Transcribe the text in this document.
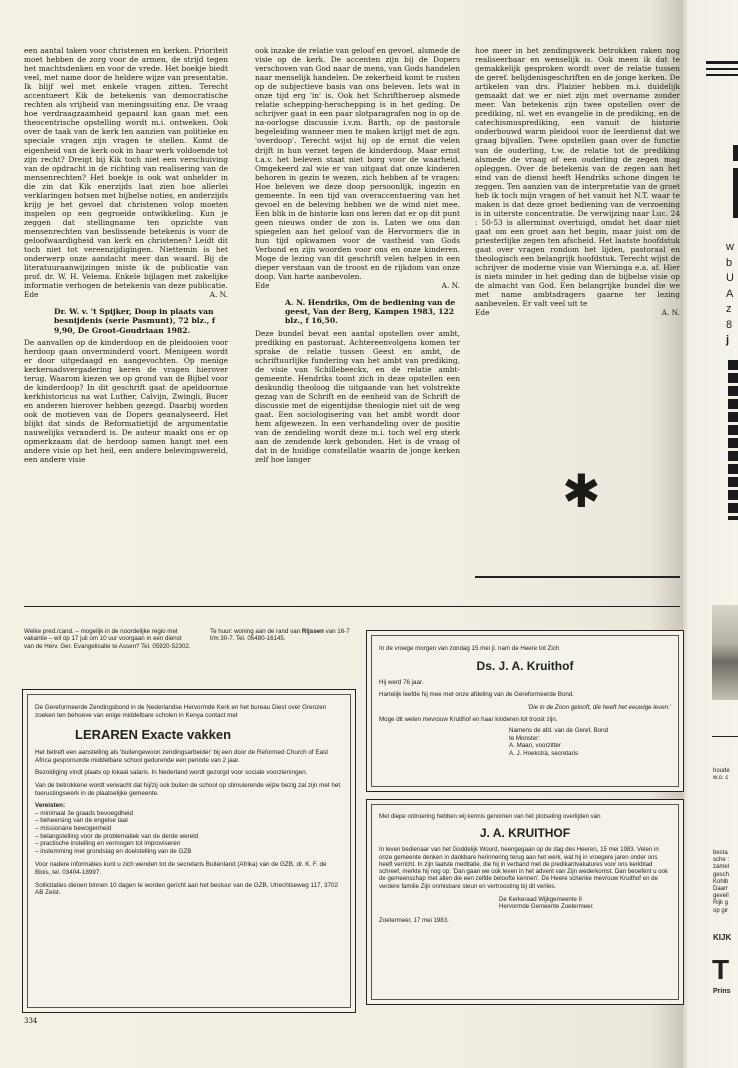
een aantal taken voor christenen en kerken. Prioriteit moet hebben de zorg voor de armen, de strijd tegen het machtsdenken en voor de vrede. Het boekje biedt veel, met name door de heldere wijze van presentatie. Ik blijf wel met enkele vragen zitten. Terecht accentueert Kik de betekenis van democratische rechten als vrijheid van meningsuiting enz. De vraag hoe verdraagzaamheid gepaard kan gaan met een theocentrische opstelling wordt m.i. ontweken. Ook over de taak van de kerk ten aanzien van politieke en speciale vragen zijn vragen te stellen. Komt de eigenheid van de kerk ook in haar werk voldoende tot zijn recht? Dreigt bij Kik toch niet een verschuiving van de opdracht in de richting van realisering van de mensenrechten? Het boekje is ook wat onhelder in die zin dat Kik enerzijds laat zien hoe allerlei verklaringen botsen met bijbelse noties, en anderzijds krijg je het gevoel dat christenen volop moeten inspelen op een gegroeide ontwikkeling. Kun je zeggen dat stellingname ten opzichte van mensenrechten van beslissende betekenis is voor de geloofwaardigheid van kerk en christenen? Leidt dit toch niet tot vereenzijdigingen. Niettemin is het onderwerp onze aandacht meer dan waard. Bij de literatuuraanwijzingen miste ik de publicatie van prof. dr. W. H. Velema. Enkele bijlagen met zakelijke informatie verhogen de betekenis van deze publicatie.

Ede	A. N.
Dr. W. v. 't Spijker, Doop in plaats van besnijdenis (serie Pasmunt), 72 blz., f 9,90, De Groot-Goudriaan 1982.

De aanvallen op de kinderdoop en de pleidooien voor herdoop gaan onverminderd voort. Menigeen wordt er door uitgedaagd en aangevochten. Op menige kerkeraadsvergadering keren de vragen hierover terug. Waarom kiezen we op grond van de Bijbel voor de kinderdoop? In dit geschrift gaat de apeldoornse kerkhistoricus na wat Luther, Calvijn, Zwingli, Bucer en anderen hierover hebben gezegd. Daarbij worden ook de motieven van de Dopers geanalyseerd. Het blijkt dat sinds de Reformatietijd de argumentatie nauwelijks veranderd is. De auteur maakt ons er op opmerkzaam dat de herdoop samen hangt met een andere visie op het heil, een andere belevingswereld, een andere visie

ook inzake de relatie van geloof en gevoel, alsmede de visie op de kerk. De accenten zijn bij de Dopers verschoven van God naar de mens, van Gods handelen naar menselijk handelen. De zekerheid komt te rusten op de subjectieve basis van ons beleven. Iets wat in onze tijd erg 'in' is. Ook het Schriftberoep alsmede relatie schepping-herschepping is in het geding. De schrijver gaat in een paar slotparagrafen nog in op de na-oorlogse discussie i.v.m. Barth, op de pastorale begeleiding wanneer men te maken krijgt met de zgn. 'overdoop'. Terecht wijst hij op de ernst die velen drijft in hun verzet tegen de kinderdoop. Maar ernst t.a.v. het beleven staat niet borg voor de waarheid. Omgekeerd zal wie er van uitgaat dat onze kinderen behoren in gezin te wezen, zich hebben af te vragen: Hoe beleven we deze doop persoonlijk, ingezin en gemeente. In een tijd van overaccentuering van het gevoel en de beleving hebben we de wind niet mee. Een blik in de historie kan ons leren dat er op dit punt geen nieuws onder de zon is. Laten we ons dan spiegelen aan het geloof van de Hervormers die in hun tijd opkwamen voor de vastheid van Gods Verbond en zijn woorden voor ons en onze kinderen. Moge de lezing van dit geschrift velen helpen in een dieper verstaan van de troost en de rijkdom van onze doop. Van harte aanbevolen.

Ede	A. N.
A. N. Hendriks, Om de bediening van de geest, Van der Berg, Kampen 1983, 122 blz., f 16,50.

Deze bundel bevat een aantal opstellen over ambt, prediking en pastoraat. Achtereenvolgens komen ter sprake de relatie tussen Geest en ambt, de schriftuurlijke fundering van het ambt van prediking, de visie van Schillebeeckx, en de relatie ambt-gemeente. Hendriks toont zich in deze opstellen een deskundig theoloog die uitgaande van het volstrekte gezag van de Schrift en de eenheid van de Schrift de discussie met de eigentijdse theologie niet uit de weg gaat. Een sociologisering van het ambt wordt door hem afgewezen. In een verhandeling over de positie van de zendeling wordt deze m.i. toch wel erg sterk aan de zendende kerk gebonden. Het is de vraag of dat in de huidige constellatie waarin de jonge kerken zelf hoe langer

hoe meer in het zendingswerk betrokken raken nog realiseerbaar en wenselijk is. Ook meen ik dat te gemakkelijk gesproken wordt over de relatie tussen de geref. belijdenisgeschriften en de jonge kerken. De artikelen van drs. Plaizier hebben m.i. duidelijk gemaakt dat we er niet zijn met overname zonder meer. Van betekenis zijn twee opstellen over de prediking, nl. wet en evangelie in de prediking, en de catechismusprediking, een vanuit de historie onderbouwd warm pleidooi voor de leerdienst dat we graag bijvallen. Twee opstellen gaan over de functie van de ouderling, t.w. de relatie tot de prediking alsmede de vraag of een ouderling de zegen mag opleggen. Over de betekenis van de zegen aan het eind van de dienst heeft Hendriks schone dingen te zeggen. Ten aanzien van de interpretatie van de groet heb ik toch mijn vragen of het vanuit het N.T. waar te maken is dat deze groet bediening van de verzoening is in uiterste concentratie. De verwijzing naar Luc. 24 : 50-53 is allerminst overtuigd, omdat het daar niet gaat om een groet aan het begin, maar juist om de priesterlijke zegen ten afscheid. Het laatste hoofdstuk gaat over vragen rondom het lijden, pastoraal en theologisch een belangrijk hoofdstuk. Terecht wijst de schrijver de moderne visie van Wiersinga e.a. af. Hier is niets minder in het geding dan de bijbelse visie op de almacht van God. Een belangrijke bundel die we met name ambtsdragers gaarne ter lezing aanbevelen. Er valt veel uit te

Ede	A. N.
✱
Welke pred./cand. – mogelijk in de noordelijke regio met vakantie – wil op 17 juli om 10 uur voorgaan in een dienst van de Herv. Ger. Evangelisatie te Assen? Tel. 05920-52302.
Te huur: woning aan de rand van Rijssen van 16-7 t/m 30-7. Tel. 05480-16145.
De Gereformeerde Zendingsbond in de Nederlandse Hervormde Kerk en het bureau Diest over Grenzen zoeken ten behoeve van enige middelbare scholen in Kenya contact met
LERAREN Exacte vakken
Het betreft een aanstelling als 'buitengewoon zendingsarbeider' bij een door de Reformed Church of East Africa gesponsorde middelbare school gedurende een periode van 2 jaar.
Bezoldiging vindt plaats op lokaal salaris. In Nederland wordt gezorgd voor sociale voorzieningen.
Van de betrokkene wordt verwacht dat hij/zij ook buiten de school op stimulerende wijze bezig zal zijn met het toerustingswerk in de plaatselijke gemeente.
Vereisten:
– minimaal 3e graads bevoegdheid
– beheersing van de engelse taal
– missionaire bewogenheid
– belangstelling voor de problematiek van de derde wereld
– practische instelling en vermogen tot improviseren
– instemming met grondslag en doelstelling van de GZB
Voor nadere informaties kunt u zich wenden tot de secretaris Buitenland (Afrika) van de GZB, dr. K. F. de Blois, tel. 03404-18997.
Sollicitaties dienen binnen 10 dagen te worden gericht aan het bestuur van de GZB, Utrechtseweg 117, 3702 AB Zeist.
In de vroege morgen van zondag 15 mei jl. nam de Heere tot Zich
Ds. J. A. Kruithof
Hij werd 76 jaar.
Hartelijk leefde hij mee met onze afdeling van de Gereformeerde Bond.
'Die in de Zoon gelooft, die heeft het eeuwige leven.'
Moge dit weten mevrouw Kruithof en haar kinderen tot troost zijn.
Namens de afd. van de Geref. Bond
te Monster:
A. Maan, voorzitter
A. J. Hoekstra, secretaris
Met diepe ontroering hebben wij kennis genomen van het plotseling overlijden van
J. A. KRUITHOF
In leven bedienaar van het Goddelijk Woord, heengegaan op de dag des Heeren, 15 mei 1983. Velen in onze gemeente denken in dankbare herinnering terug aan het werk, wat hij in vroegere jaren onder ons heeft verricht. In zijn laatste meditatie, die hij in verband met de predikantvakatures voor ons kerkblad schreef, merkte hij nog op: 'Dan gaan we ook leven in het advent van Zijn wederkomst. Dan beoefent u ook de gemeenschap met allen die een zelfde beloofte kennen'. De Heere schenke mevrouw Kruithof en de verdere familie Zijn onmisbare steun en vertroosting bij dit verlies.
De Kerkeraad Wijkgemeente II
Hervormde Gemeente Zoetermeer.
Zoetermeer, 17 mei 1983.
334
w
b
U
A
z
8
j
houde
w.o. c
besta
sche :
zamel
gesch
Kohlb
Daarr
geveil
Rijk g
op gir
KIJK
T
Prins
